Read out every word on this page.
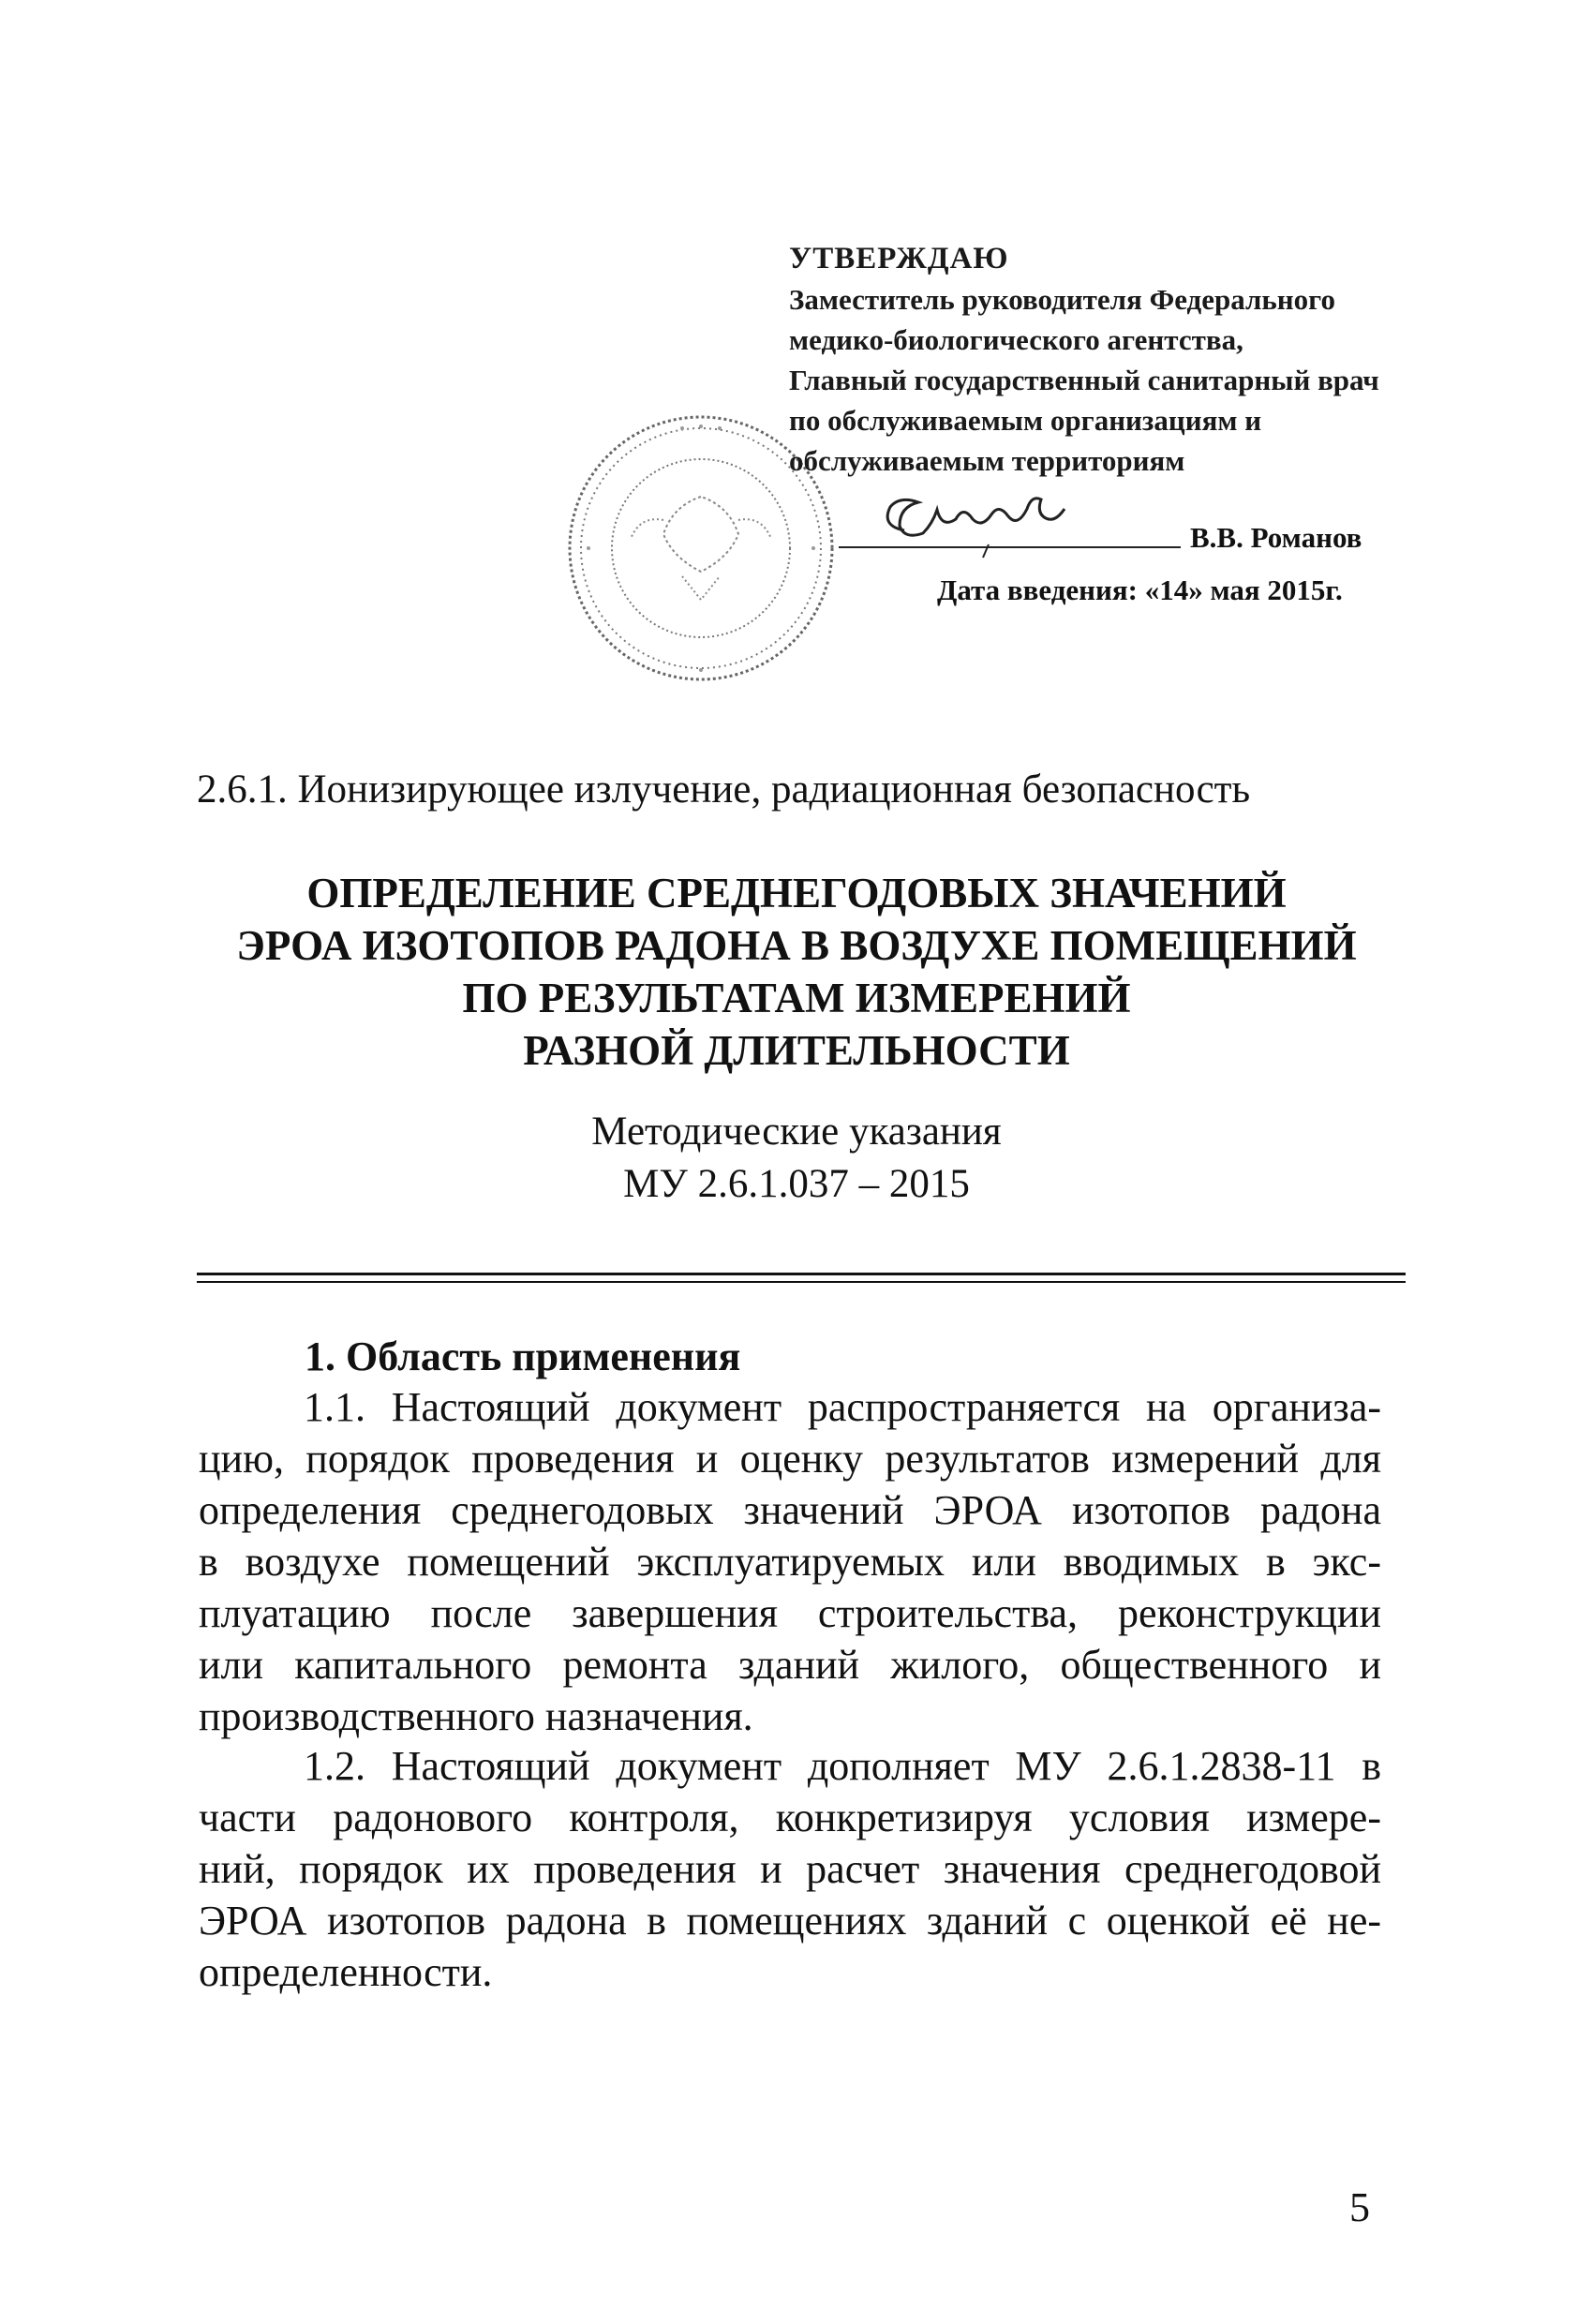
УТВЕРЖДАЮ
Заместитель руководителя Федерального
медико-биологического агентства,
Главный государственный санитарный врач
по обслуживаемым организациям и
обслуживаемым территориям
В.В. Романов
Дата введения: «14» мая 2015г.
2.6.1. Ионизирующее излучение, радиационная безопасность
ОПРЕДЕЛЕНИЕ СРЕДНЕГОДОВЫХ ЗНАЧЕНИЙ
ЭРОА ИЗОТОПОВ РАДОНА В ВОЗДУХЕ ПОМЕЩЕНИЙ
ПО РЕЗУЛЬТАТАМ ИЗМЕРЕНИЙ
РАЗНОЙ ДЛИТЕЛЬНОСТИ
Методические указания
МУ 2.6.1.037 – 2015
1. Область применения
1.1. Настоящий документ распространяется на организа-
цию, порядок проведения и оценку результатов измерений для
определения среднегодовых значений ЭРОА изотопов радона
в воздухе помещений эксплуатируемых или вводимых в экс-
плуатацию после завершения строительства, реконструкции
или капитального ремонта зданий жилого, общественного и
производственного назначения.
1.2. Настоящий документ дополняет МУ 2.6.1.2838-11 в
части радонового контроля, конкретизируя условия измере-
ний, порядок их проведения и расчет значения среднегодовой
ЭРОА изотопов радона в помещениях зданий с оценкой её не-
определенности.
5
